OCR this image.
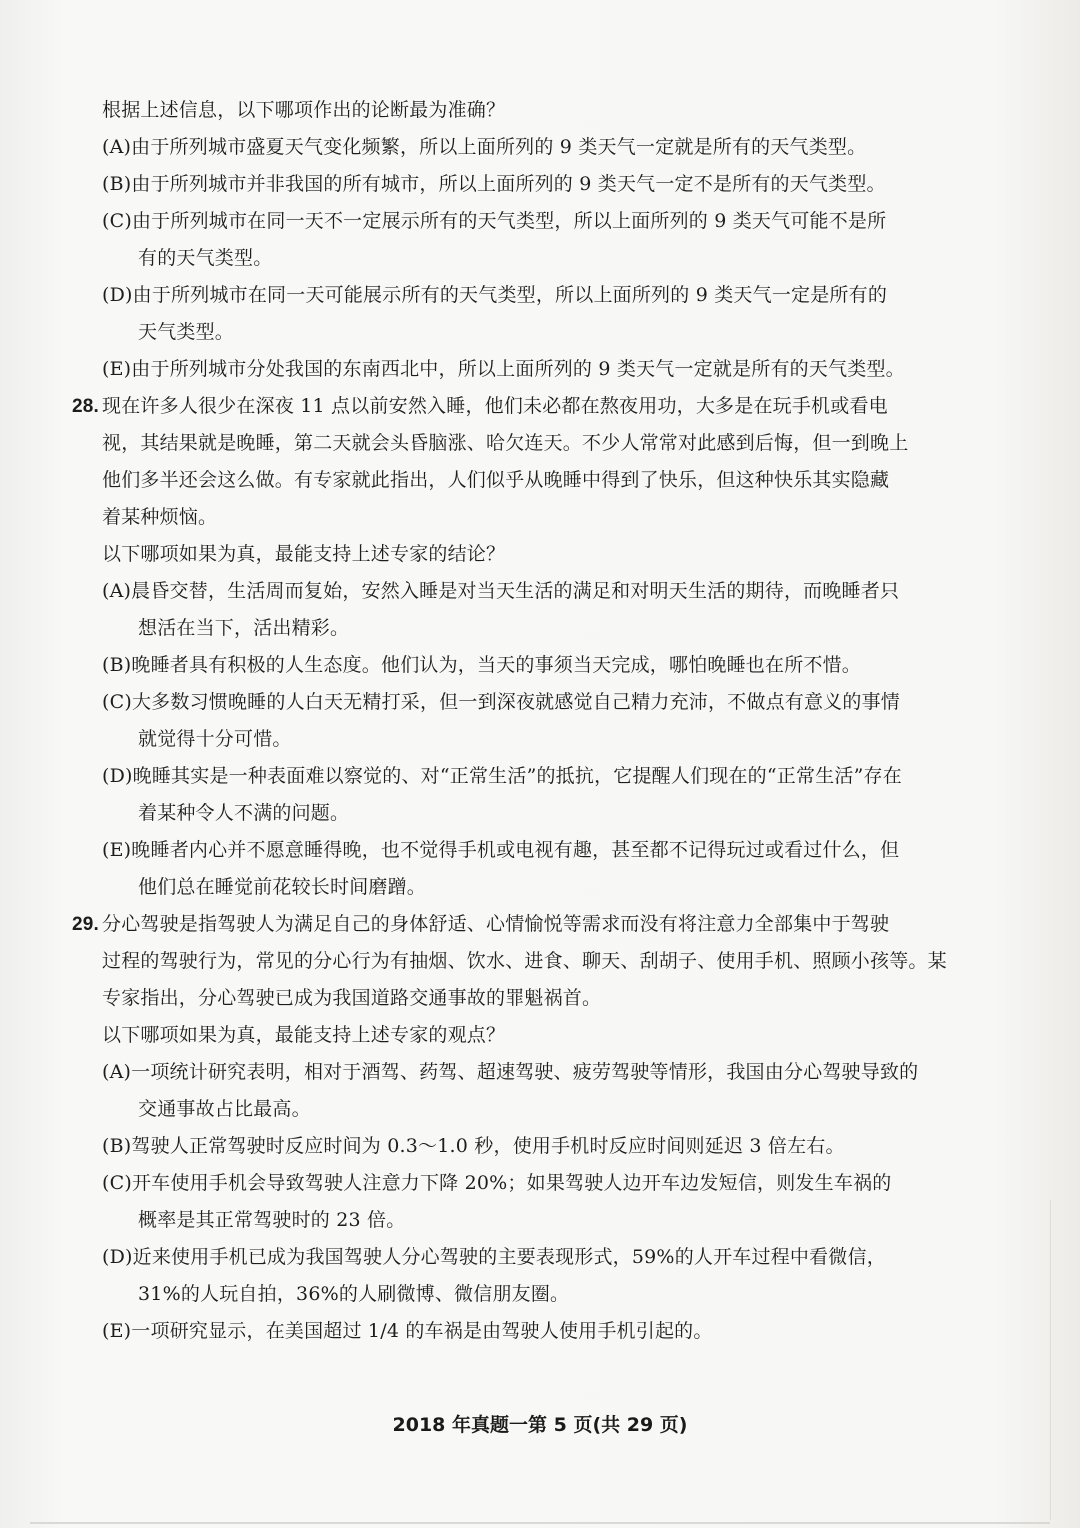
根据上述信息，以下哪项作出的论断最为准确？
(A)由于所列城市盛夏天气变化频繁，所以上面所列的 9 类天气一定就是所有的天气类型。
(B)由于所列城市并非我国的所有城市，所以上面所列的 9 类天气一定不是所有的天气类型。
(C)由于所列城市在同一天不一定展示所有的天气类型，所以上面所列的 9 类天气可能不是所
有的天气类型。
(D)由于所列城市在同一天可能展示所有的天气类型，所以上面所列的 9 类天气一定是所有的
天气类型。
(E)由于所列城市分处我国的东南西北中，所以上面所列的 9 类天气一定就是所有的天气类型。
28. 现在许多人很少在深夜 11 点以前安然入睡，他们未必都在熬夜用功，大多是在玩手机或看电
视，其结果就是晚睡，第二天就会头昏脑涨、哈欠连天。不少人常常对此感到后悔，但一到晚上
他们多半还会这么做。有专家就此指出，人们似乎从晚睡中得到了快乐，但这种快乐其实隐藏
着某种烦恼。
以下哪项如果为真，最能支持上述专家的结论？
(A)晨昏交替，生活周而复始，安然入睡是对当天生活的满足和对明天生活的期待，而晚睡者只
想活在当下，活出精彩。
(B)晚睡者具有积极的人生态度。他们认为，当天的事须当天完成，哪怕晚睡也在所不惜。
(C)大多数习惯晚睡的人白天无精打采，但一到深夜就感觉自己精力充沛，不做点有意义的事情
就觉得十分可惜。
(D)晚睡其实是一种表面难以察觉的、对“正常生活”的抵抗，它提醒人们现在的“正常生活”存在
着某种令人不满的问题。
(E)晚睡者内心并不愿意睡得晚，也不觉得手机或电视有趣，甚至都不记得玩过或看过什么，但
他们总在睡觉前花较长时间磨蹭。
29. 分心驾驶是指驾驶人为满足自己的身体舒适、心情愉悦等需求而没有将注意力全部集中于驾驶
过程的驾驶行为，常见的分心行为有抽烟、饮水、进食、聊天、刮胡子、使用手机、照顾小孩等。某
专家指出，分心驾驶已成为我国道路交通事故的罪魁祸首。
以下哪项如果为真，最能支持上述专家的观点？
(A)一项统计研究表明，相对于酒驾、药驾、超速驾驶、疲劳驾驶等情形，我国由分心驾驶导致的
交通事故占比最高。
(B)驾驶人正常驾驶时反应时间为 0.3～1.0 秒，使用手机时反应时间则延迟 3 倍左右。
(C)开车使用手机会导致驾驶人注意力下降 20%；如果驾驶人边开车边发短信，则发生车祸的
概率是其正常驾驶时的 23 倍。
(D)近来使用手机已成为我国驾驶人分心驾驶的主要表现形式，59%的人开车过程中看微信，
31%的人玩自拍，36%的人刷微博、微信朋友圈。
(E)一项研究显示，在美国超过 1/4 的车祸是由驾驶人使用手机引起的。
2018 年真题一第 5 页(共 29 页)
